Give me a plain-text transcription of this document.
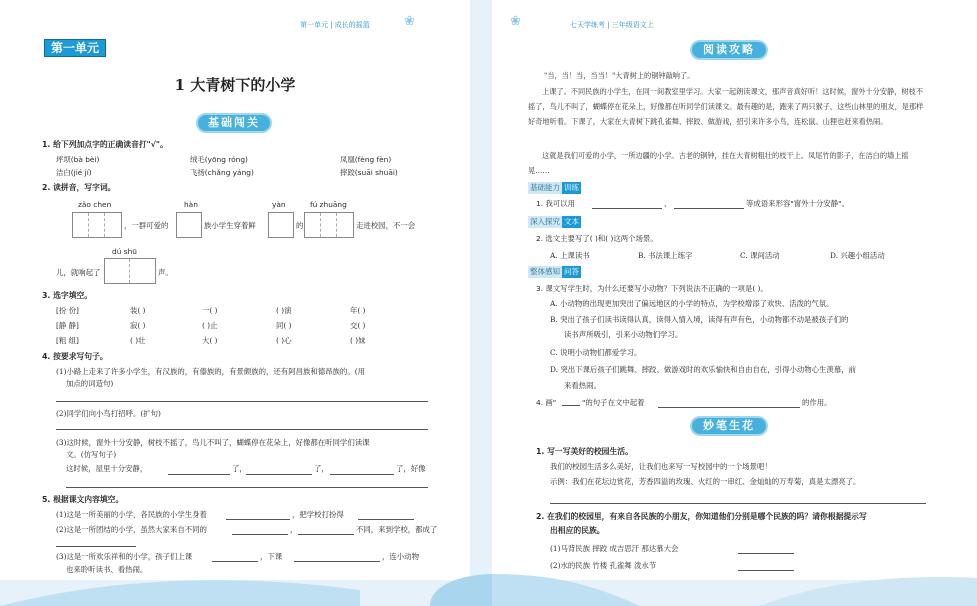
第一单元 | 成长的摇篮	❀
第一单元
1 大青树下的小学
基础闯关
1. 给下列加点字的正确读音打"√"。
坪坝(bà bèi)	绒毛(yōng róng)	凤凰(fèng fèn)
洁白(jié jí)	飞扬(chǎng yáng)	摔跤(suāi shuāi)
2. 读拼音，写字词。
zǎo chen	hàn	yàn	fú zhuāng
，一群可爱的	族小学生穿着鲜	的	走进校园，不一会
dú shū
儿，就响起了	声。
3. 选字填空。
[扮 份]	装( )	一( )	( )演	年( )
[静 静]	寂( )	( )止	同( )	交( )
[粗 组]	( )壮	大( )	( )心	( )妹
4. 按要求写句子。
(1)小路上走来了许多小学生，有汉族的，有傣族的，有景颇族的，还有阿昌族和德昂族的。(用
加点的词造句)
(2)同学们向小鸟打招呼。(扩句)
(3)这时候，窗外十分安静，树枝不摇了，鸟儿不叫了，蝴蝶停在花朵上，好像都在听同学们读课
文。(仿写句子)
这时候，屋里十分安静，	了，	了，	了，好像
5. 根据课文内容填空。
(1)这是一所美丽的小学，各民族的小学生身着	，把学校打扮得
(2)这是一所团结的小学，虽然大家来自不同的	，	不同，来到学校，都成了
(3)这是一所欢乐祥和的小学，孩子们上课	，下课	，连小动物
也来聆听读书、看热闹。
❀	七天学练考 | 三年级语文上
阅读攻略
"当，当！当，当当！"大青树上的铜钟敲响了。
上课了。不同民族的小学生，在同一间教室里学习。大家一起朗读课文，那声音真好听！这时候，窗外十分安静，树枝不摇了，鸟儿不叫了，蝴蝶停在花朵上，好像都在听同学们读课文。最有趣的是，跑来了两只猴子，这些山林里的朋友，是那样好奇地听着。下课了，大家在大青树下跳孔雀舞、摔跤、做游戏，招引来许多小鸟，连松鼠、山狸也赶来看热闹。
这就是我们可爱的小学，一所边疆的小学。古老的铜钟，挂在大青树粗壮的枝干上。凤尾竹的影子，在洁白的墙上摇晃……
基础能力 训练
1. 我可以用	、	等成语来形容"窗外十分安静"。
深入探究 文本
2. 选文主要写了( )和( )这两个场景。
A. 上课读书	B. 书法课上练字	C. 课间活动	D. 兴趣小组活动
整体感知 问答
3. 课文写学生时，为什么还要写小动物？下列说法不正确的一项是( )。
A. 小动物的出现更加突出了偏远地区的小学的特点，为学校增添了欢快、活泼的气氛。
B. 突出了孩子们读书读得认真，读得入情入境，读得有声有色，小动物都不动是被孩子们的
读书声所吸引，引来小动物们学习。
C. 说明小动物们都爱学习。
D. 突出下课后孩子们跳舞、摔跤、做游戏时的欢乐愉快和自由自在，引得小动物心生羡慕，前
来看热闹。
4. 画"	"的句子在文中起着	的作用。
妙笔生花
1. 写一写美好的校园生活。
我们的校园生活多么美好，让我们也来写一写校园中的一个场景吧！
示例：我们在花坛边赏花，芳香四溢的玫瑰、火红的一串红、金灿灿的万寿菊，真是太漂亮了。
2. 在我们的校园里，有来自各民族的小朋友，你知道他们分别是哪个民族的吗？请你根据提示写
出相应的民族。
(1)马背民族 摔跤 成吉思汗 那达慕大会
(2)水的民族 竹楼 孔雀舞 泼水节
